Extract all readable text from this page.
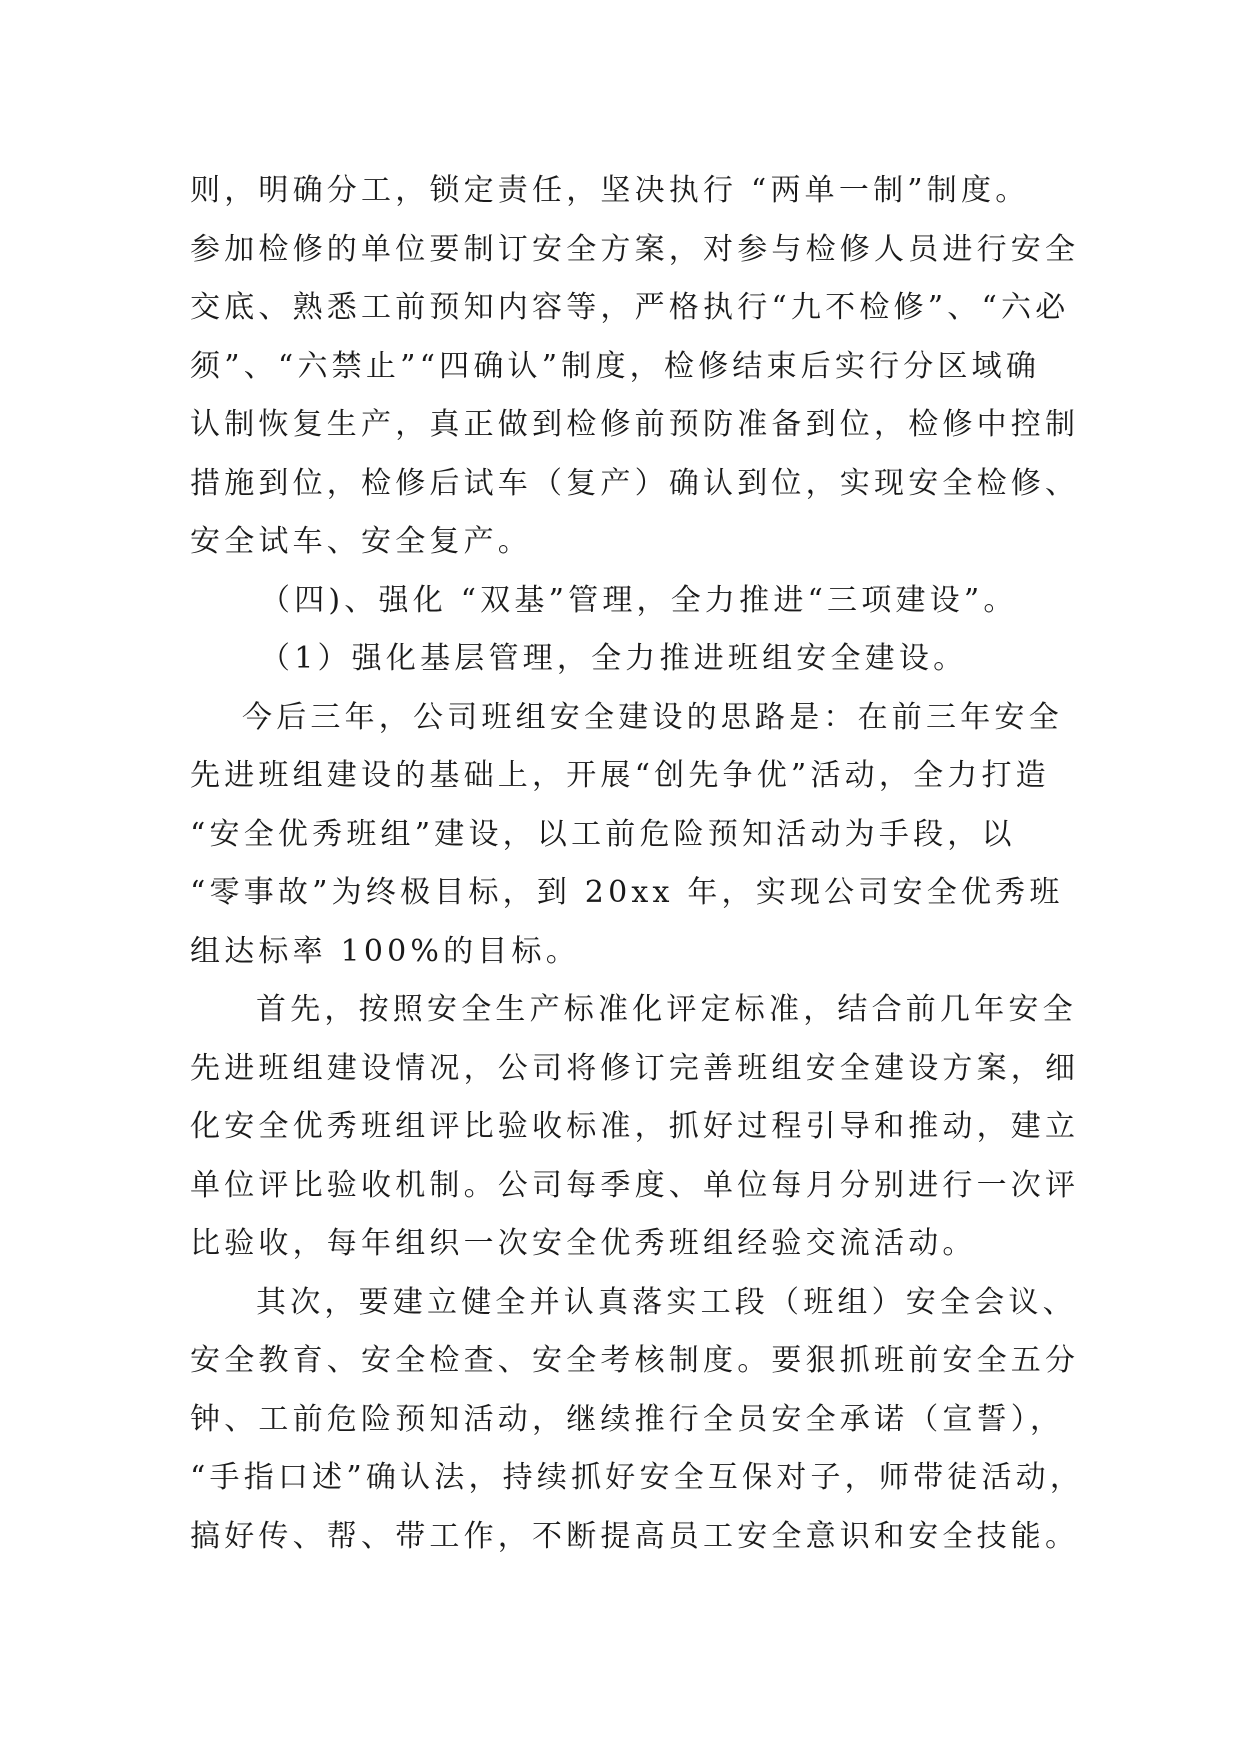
则，明确分工，锁定责任，坚决执行 “两单一制”制度。
参加检修的单位要制订安全方案，对参与检修人员进行安全
交底、熟悉工前预知内容等，严格执行“九不检修”、“六必
须”、“六禁止”“四确认”制度，检修结束后实行分区域确
认制恢复生产，真正做到检修前预防准备到位，检修中控制
措施到位，检修后试车（复产）确认到位，实现安全检修、
安全试车、安全复产。
（四)、强化 “双基”管理，全力推进“三项建设”。
（1）强化基层管理，全力推进班组安全建设。
今后三年，公司班组安全建设的思路是：在前三年安全
先进班组建设的基础上，开展“创先争优”活动，全力打造
“安全优秀班组”建设，以工前危险预知活动为手段，以
“零事故”为终极目标，到 20xx 年，实现公司安全优秀班
组达标率 100%的目标。
首先，按照安全生产标准化评定标准，结合前几年安全
先进班组建设情况，公司将修订完善班组安全建设方案，细
化安全优秀班组评比验收标准，抓好过程引导和推动，建立
单位评比验收机制。公司每季度、单位每月分别进行一次评
比验收，每年组织一次安全优秀班组经验交流活动。
其次，要建立健全并认真落实工段（班组）安全会议、
安全教育、安全检查、安全考核制度。要狠抓班前安全五分
钟、工前危险预知活动，继续推行全员安全承诺（宣誓），
“手指口述”确认法，持续抓好安全互保对子，师带徒活动，
搞好传、帮、带工作，不断提高员工安全意识和安全技能。
